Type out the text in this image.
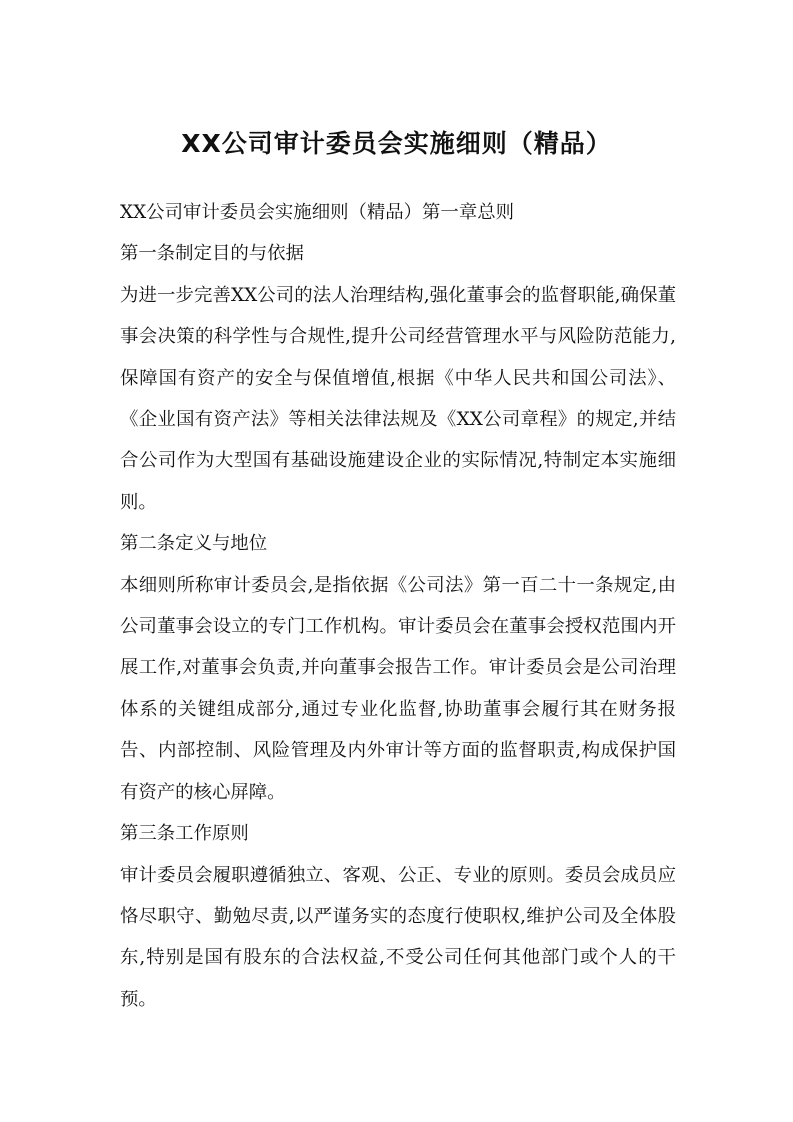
XX公司审计委员会实施细则（精品）

XX公司审计委员会实施细则（精品）第一章总则

第一条制定目的与依据

为进一步完善XX公司的法人治理结构,强化董事会的监督职能,确保董事会决策的科学性与合规性,提升公司经营管理水平与风险防范能力,保障国有资产的安全与保值增值,根据《中华人民共和国公司法》、《企业国有资产法》等相关法律法规及《XX公司章程》的规定,并结合公司作为大型国有基础设施建设企业的实际情况,特制定本实施细则。

第二条定义与地位

本细则所称审计委员会,是指依据《公司法》第一百二十一条规定,由公司董事会设立的专门工作机构。审计委员会在董事会授权范围内开展工作,对董事会负责,并向董事会报告工作。审计委员会是公司治理体系的关键组成部分,通过专业化监督,协助董事会履行其在财务报告、内部控制、风险管理及内外审计等方面的监督职责,构成保护国有资产的核心屏障。

第三条工作原则

审计委员会履职遵循独立、客观、公正、专业的原则。委员会成员应恪尽职守、勤勉尽责,以严谨务实的态度行使职权,维护公司及全体股东,特别是国有股东的合法权益,不受公司任何其他部门或个人的干预。
